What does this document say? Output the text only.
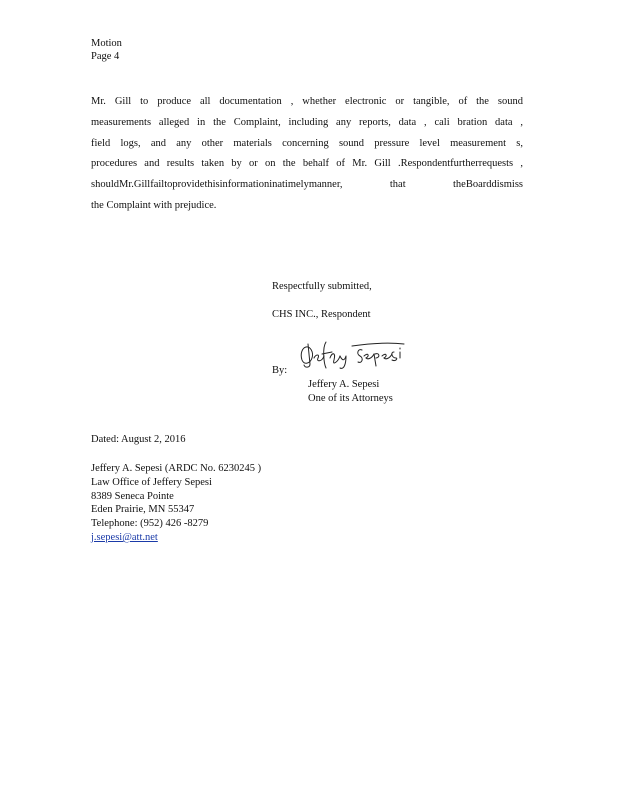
Motion
Page 4
Mr. Gill to produce all documentation , whether electronic or tangible, of the sound
measurements alleged in the Complaint, including any reports, data , cali bration data ,
field logs, and any other materials concerning sound pressure level measurement s,
procedures and results taken by or on the behalf of Mr. Gill .Respondentfurtherrequests ,
shouldMr.Gillfailtoprovidethisinformationinatimelymanner, that theBoarddismiss
the Complaint with prejudice.
Respectfully submitted,
CHS INC., Respondent
By:
Jeffery A. Sepesi
One of its Attorneys
Dated: August 2, 2016
Jeffery A. Sepesi (ARDC No. 6230245 )
Law Office of Jeffery Sepesi
8389 Seneca Pointe
Eden Prairie, MN 55347
Telephone: (952) 426 -8279
j.sepesi@att.net
